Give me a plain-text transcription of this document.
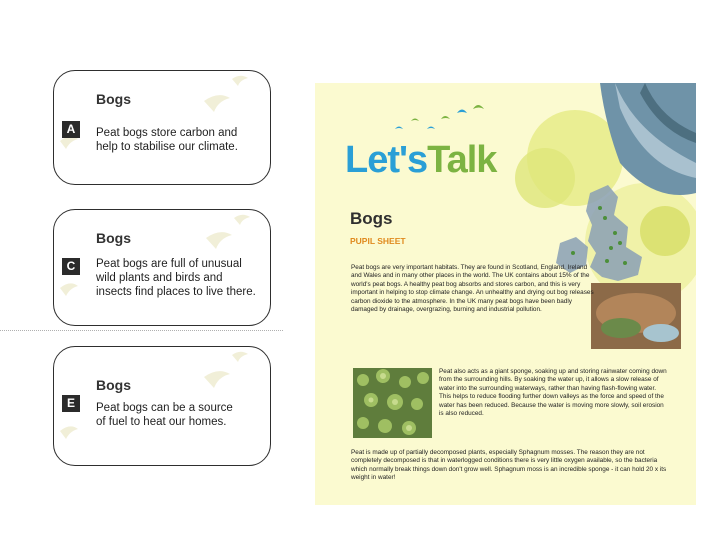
Bogs
A	Peat bogs store carbon and
help to stabilise our climate.
Bogs
C	Peat bogs are full of unusual
wild plants and birds and
insects find places to live there.
Bogs
E	Peat bogs can be a source
of fuel to heat our homes.
Let'sTalk
Bogs
PUPIL SHEET
Peat bogs are very important habitats. They are found in Scotland, England, Ireland and Wales and in many other places in the world. The UK contains about 15% of the world's peat bogs. A healthy peat bog absorbs and stores carbon, and this is very important in helping to stop climate change. An unhealthy and drying out bog releases carbon dioxide to the atmosphere. In the UK many peat bogs have been badly damaged by drainage, overgrazing, burning and industrial pollution.
Peat also acts as a giant sponge, soaking up and storing rainwater coming down from the surrounding hills. By soaking the water up, it allows a slow release of water into the surrounding waterways, rather than having flash-flowing water. This helps to reduce flooding further down valleys as the force and speed of the water has been reduced. Because the water is moving more slowly, soil erosion is also reduced.
Peat is made up of partially decomposed plants, especially Sphagnum mosses. The reason they are not completely decomposed is that in waterlogged conditions there is very little oxygen available, so the bacteria which normally break things down don't grow well. Sphagnum moss is an incredible sponge - it can hold 20 x its weight in water!
